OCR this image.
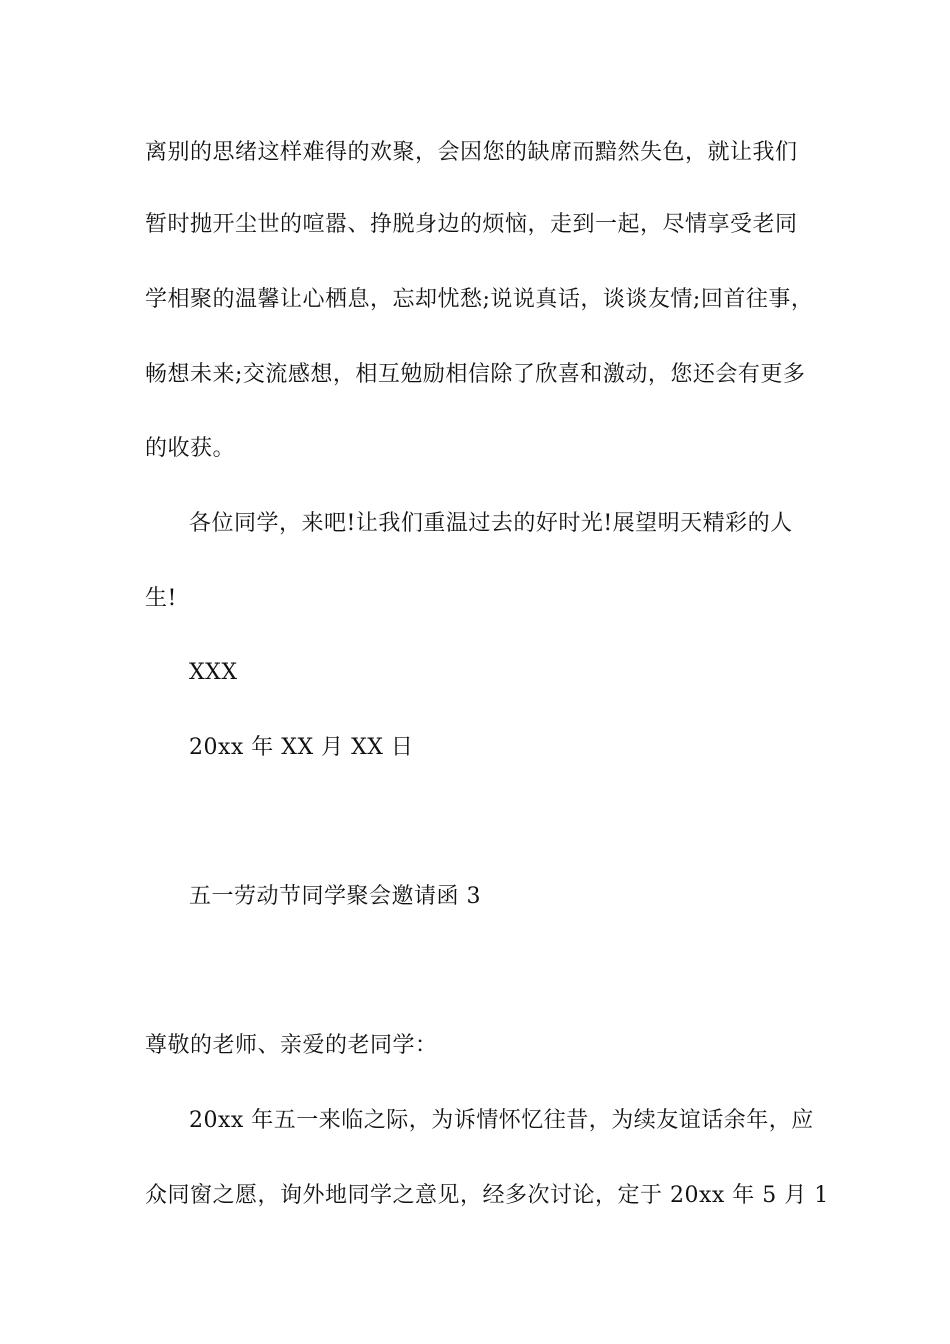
离别的思绪这样难得的欢聚，会因您的缺席而黯然失色，就让我们
暂时抛开尘世的喧嚣、挣脱身边的烦恼，走到一起，尽情享受老同
学相聚的温馨让心栖息，忘却忧愁;说说真话，谈谈友情;回首往事，
畅想未来;交流感想，相互勉励相信除了欣喜和激动，您还会有更多
的收获。
各位同学，来吧!让我们重温过去的好时光!展望明天精彩的人
生!
XXX
20xx 年 XX 月 XX 日
五一劳动节同学聚会邀请函 3
尊敬的老师、亲爱的老同学：
20xx 年五一来临之际，为诉情怀忆往昔，为续友谊话余年，应
众同窗之愿，询外地同学之意见，经多次讨论，定于 20xx 年 5 月 1
